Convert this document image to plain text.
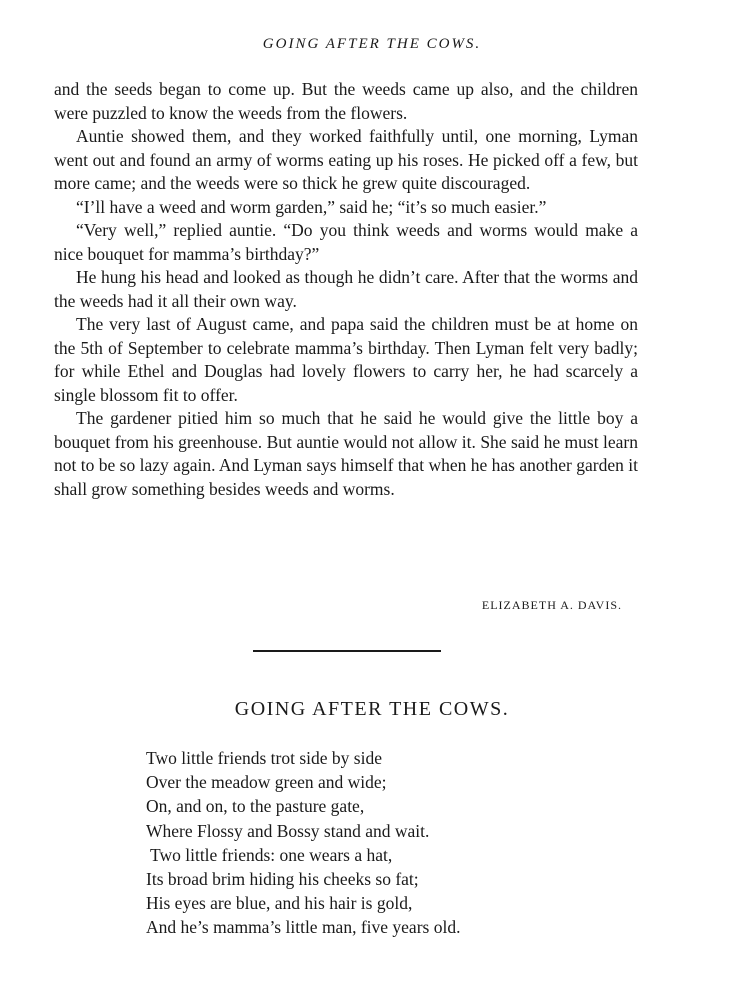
GOING AFTER THE COWS.

and the seeds began to come up. But the weeds came up also, and the children were puzzled to know the weeds from the flowers.

Auntie showed them, and they worked faithfully until, one morning, Lyman went out and found an army of worms eating up his roses. He picked off a few, but more came; and the weeds were so thick he grew quite discouraged.

“I’ll have a weed and worm garden,” said he; “it’s so much easier.”

“Very well,” replied auntie. “Do you think weeds and worms would make a nice bouquet for mamma’s birthday?”

He hung his head and looked as though he didn’t care. After that the worms and the weeds had it all their own way.

The very last of August came, and papa said the children must be at home on the 5th of September to celebrate mamma’s birthday. Then Lyman felt very badly; for while Ethel and Douglas had lovely flowers to carry her, he had scarcely a single blossom fit to offer.

The gardener pitied him so much that he said he would give the little boy a bouquet from his greenhouse. But auntie would not allow it. She said he must learn not to be so lazy again. And Lyman says himself that when he has another garden it shall grow something besides weeds and worms.

ELIZABETH A. DAVIS.
GOING AFTER THE COWS.
Two little friends trot side by side
Over the meadow green and wide;
On, and on, to the pasture gate,
Where Flossy and Bossy stand and wait.
Two little friends: one wears a hat,
Its broad brim hiding his cheeks so fat;
His eyes are blue, and his hair is gold,
And he’s mamma’s little man, five years old.
